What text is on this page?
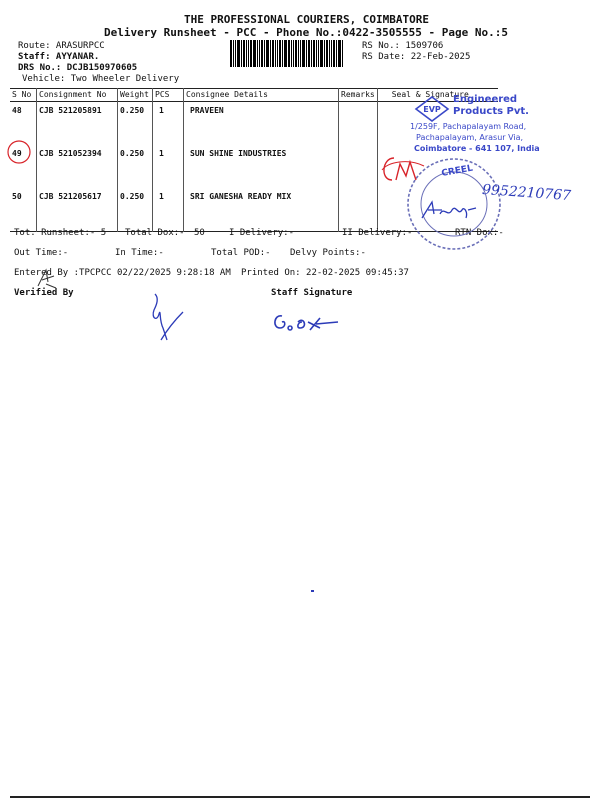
THE PROFESSIONAL COURIERS, COIMBATORE
Delivery Runsheet - PCC - Phone No.:0422-3505555 - Page No.:5
Route: ARASURPCC
Staff: AYYANAR.
DRS No.: DCJB150970605
Vehicle: Two Wheeler Delivery
RS No.: 1509706
RS Date: 22-Feb-2025
S No	Consignment No	Weight	PCS	Consignee Details	Remarks	Seal & Signature
48	CJB 521205891	0.250	1	PRAVEEN		
49	CJB 521052394	0.250	1	SUN SHINE INDUSTRIES		
50	CJB 521205617	0.250	1	SRI GANESHA READY MIX		
Tot. Runsheet:- 5 Total Dox:- 50	I Delivery:-	II Delivery:-	RTN Dox:-
Out Time:-	In Time:-	Total POD:- Delvy Points:-
Entered By :TPCPCC 02/22/2025 9:28:18 AM Printed On: 22-02-2025 09:45:37
Verified By	Staff Signature
EVP
Engineered
Products Pvt.
1/259F, Pachapalayam Road,
Pachapalayam, Arasur Via,
Coimbatore - 641 107, India
CREEL
9952210767
